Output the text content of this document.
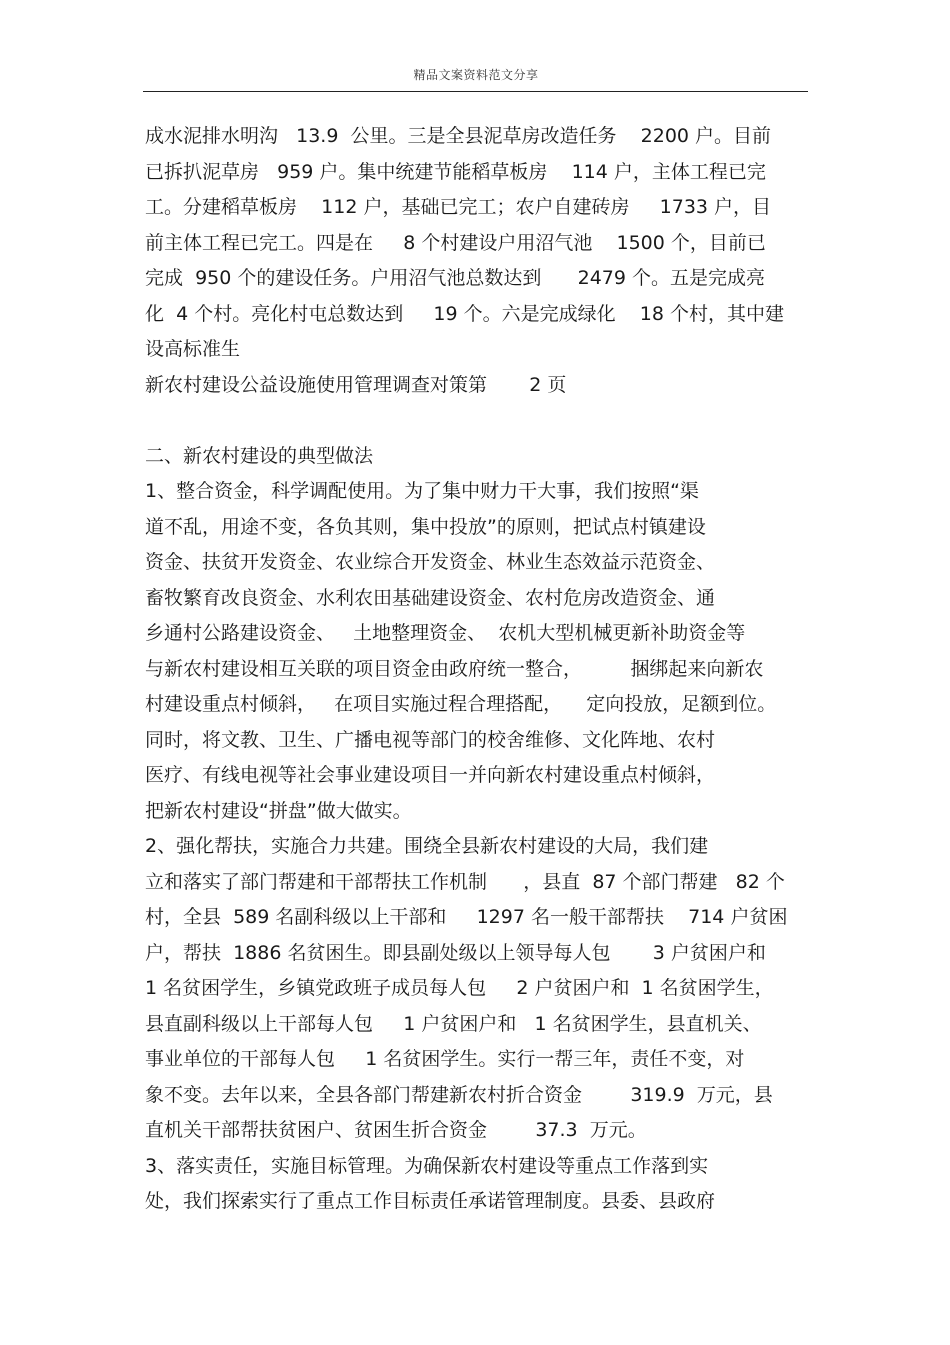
精品文案资料范文分享
成水泥排水明沟   13.9  公里。三是全县泥草房改造任务    2200 户。目前
已拆扒泥草房   959 户。集中统建节能稻草板房    114 户，主体工程已完
工。分建稻草板房    112 户，基础已完工；农户自建砖房     1733 户，目
前主体工程已完工。四是在     8 个村建设户用沼气池    1500 个，目前已
完成  950 个的建设任务。户用沼气池总数达到      2479 个。五是完成亮
化  4 个村。亮化村屯总数达到     19 个。六是完成绿化    18 个村，其中建
设高标准生
新农村建设公益设施使用管理调查对策第       2 页
二、新农村建设的典型做法
1、整合资金，科学调配使用。为了集中财力干大事，我们按照“渠
道不乱，用途不变，各负其则，集中投放”的原则，把试点村镇建设
资金、扶贫开发资金、农业综合开发资金、林业生态效益示范资金、
畜牧繁育改良资金、水利农田基础建设资金、农村危房改造资金、通
乡通村公路建设资金、   土地整理资金、  农机大型机械更新补助资金等
与新农村建设相互关联的项目资金由政府统一整合，        捆绑起来向新农
村建设重点村倾斜，   在项目实施过程合理搭配，    定向投放，足额到位。
同时，将文教、卫生、广播电视等部门的校舍维修、文化阵地、农村
医疗、有线电视等社会事业建设项目一并向新农村建设重点村倾斜，
把新农村建设“拼盘”做大做实。
2、强化帮扶，实施合力共建。围绕全县新农村建设的大局，我们建
立和落实了部门帮建和干部帮扶工作机制      ，县直  87 个部门帮建   82 个
村，全县  589 名副科级以上干部和     1297 名一般干部帮扶    714 户贫困
户，帮扶  1886 名贫困生。即县副处级以上领导每人包       3 户贫困户和
1 名贫困学生，乡镇党政班子成员每人包     2 户贫困户和  1 名贫困学生，
县直副科级以上干部每人包     1 户贫困户和   1 名贫困学生，县直机关、
事业单位的干部每人包     1 名贫困学生。实行一帮三年，责任不变，对
象不变。去年以来，全县各部门帮建新农村折合资金        319.9  万元，县
直机关干部帮扶贫困户、贫困生折合资金        37.3  万元。
3、落实责任，实施目标管理。为确保新农村建设等重点工作落到实
处，我们探索实行了重点工作目标责任承诺管理制度。县委、县政府
